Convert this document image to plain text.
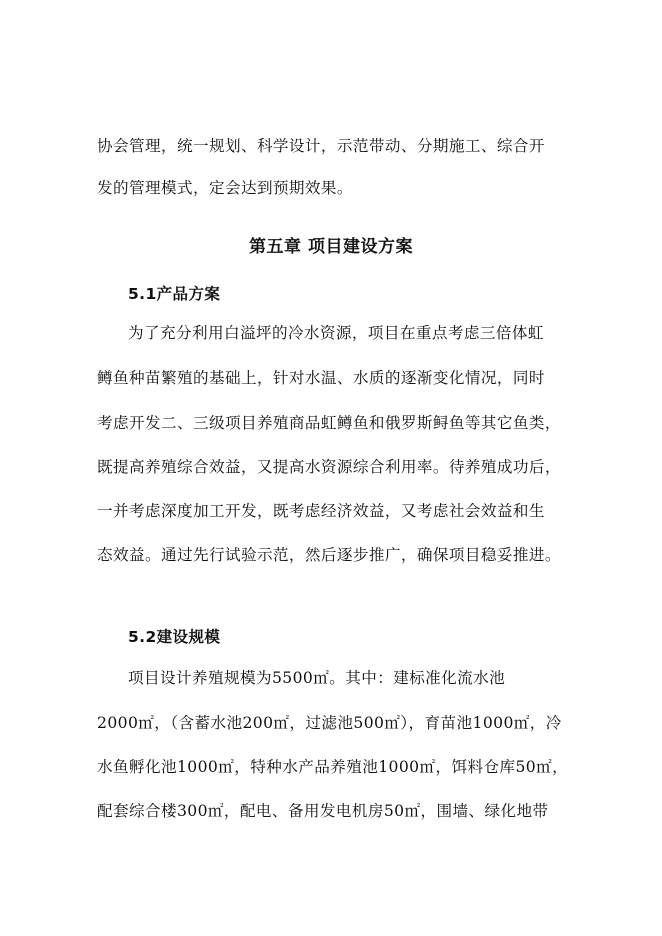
协会管理，统一规划、科学设计，示范带动、分期施工、综合开
发的管理模式，定会达到预期效果。
第五章 项目建设方案
5.1产品方案
为了充分利用白溢坪的冷水资源，项目在重点考虑三倍体虹
鳟鱼种苗繁殖的基础上，针对水温、水质的逐渐变化情况，同时
考虑开发二、三级项目养殖商品虹鳟鱼和俄罗斯鲟鱼等其它鱼类，
既提高养殖综合效益，又提高水资源综合利用率。待养殖成功后，
一并考虑深度加工开发，既考虑经济效益，又考虑社会效益和生
态效益。通过先行试验示范，然后逐步推广，确保项目稳妥推进。
5.2建设规模
项目设计养殖规模为5500㎡。其中：建标准化流水池
2000㎡，（含蓄水池200㎡，过滤池500㎡），育苗池1000㎡，冷
水鱼孵化池1000㎡，特种水产品养殖池1000㎡，饵料仓库50㎡，
配套综合楼300㎡，配电、备用发电机房50㎡，围墙、绿化地带
